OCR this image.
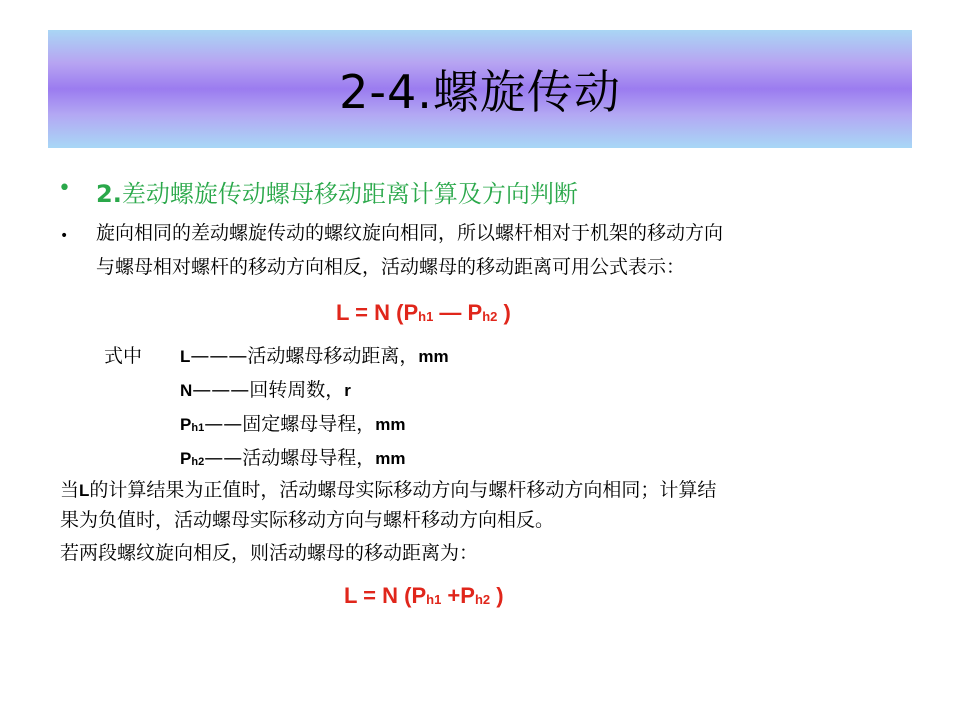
2-4.螺旋传动
• 2.差动螺旋传动螺母移动距离计算及方向判断
• 旋向相同的差动螺旋传动的螺纹旋向相同，所以螺杆相对于机架的移动方向
与螺母相对螺杆的移动方向相反，活动螺母的移动距离可用公式表示：
L = N ($P_{h1}$ — $P_{h2}$ )
式中 L———活动螺母移动距离，mm
N———回转周数，r
$P_{h1}——$固定螺母导程，mm
$P_{h2}——$活动螺母导程，mm
当L的计算结果为正值时，活动螺母实际移动方向与螺杆移动方向相同；计算结
果为负值时，活动螺母实际移动方向与螺杆移动方向相反。
若两段螺纹旋向相反，则活动螺母的移动距离为：
L = N ($P_{h1} +P_{h2}$ )
